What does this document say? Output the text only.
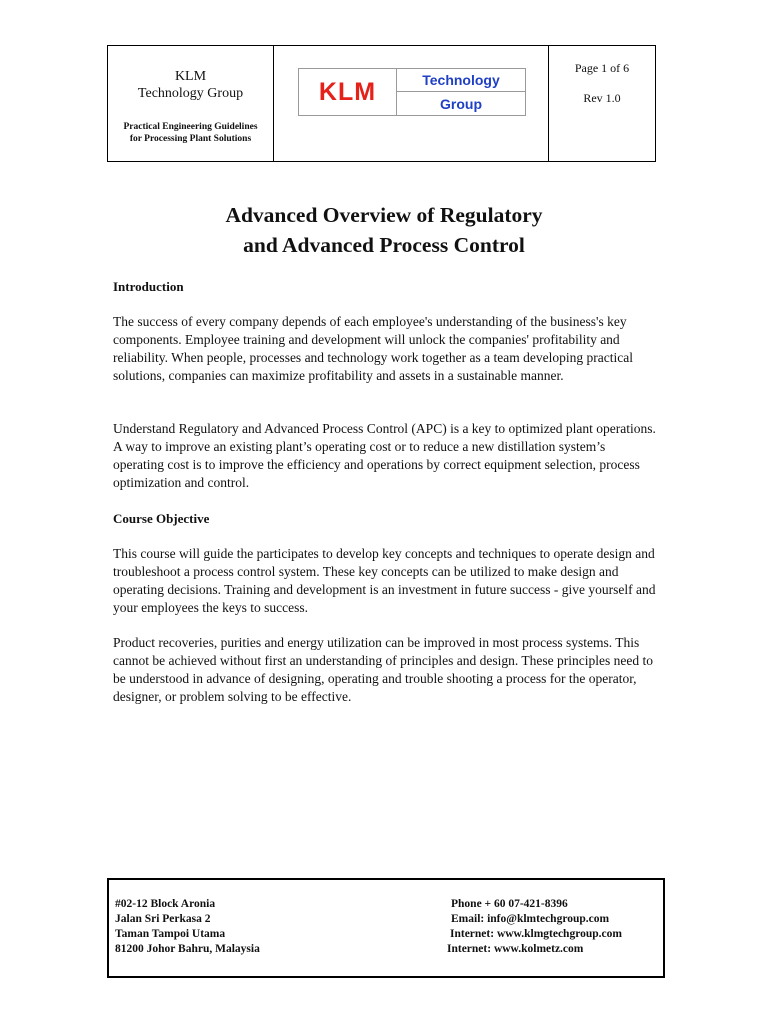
KLM
Technology Group
Practical Engineering Guidelines
for Processing Plant Solutions
KLM	Technology
Group
Page 1 of 6
Rev 1.0
Advanced Overview of Regulatory
and Advanced Process Control
Introduction
The success of every company depends of each employee's understanding of the business's key components. Employee training and development will unlock the companies' profitability and reliability. When people, processes and technology work together as a team developing practical solutions, companies can maximize profitability and assets in a sustainable manner.
Understand Regulatory and Advanced Process Control (APC) is a key to optimized plant operations. A way to improve an existing plant’s operating cost or to reduce a new distillation system’s operating cost is to improve the efficiency and operations by correct equipment selection, process optimization and control.
Course Objective
This course will guide the participates to develop key concepts and techniques to operate design and troubleshoot a process control system. These key concepts can be utilized to make design and operating decisions. Training and development is an investment in future success - give yourself and your employees the keys to success.
Product recoveries, purities and energy utilization can be improved in most process systems. This cannot be achieved without first an understanding of principles and design. These principles need to be understood in advance of designing, operating and trouble shooting a process for the operator, designer, or problem solving to be effective.
#02-12 Block Aronia
Jalan Sri Perkasa 2
Taman Tampoi Utama
81200 Johor Bahru, Malaysia
Phone + 60 07-421-8396
Email: info@klmtechgroup.com
Internet: www.klmgtechgroup.com
Internet: www.kolmetz.com
